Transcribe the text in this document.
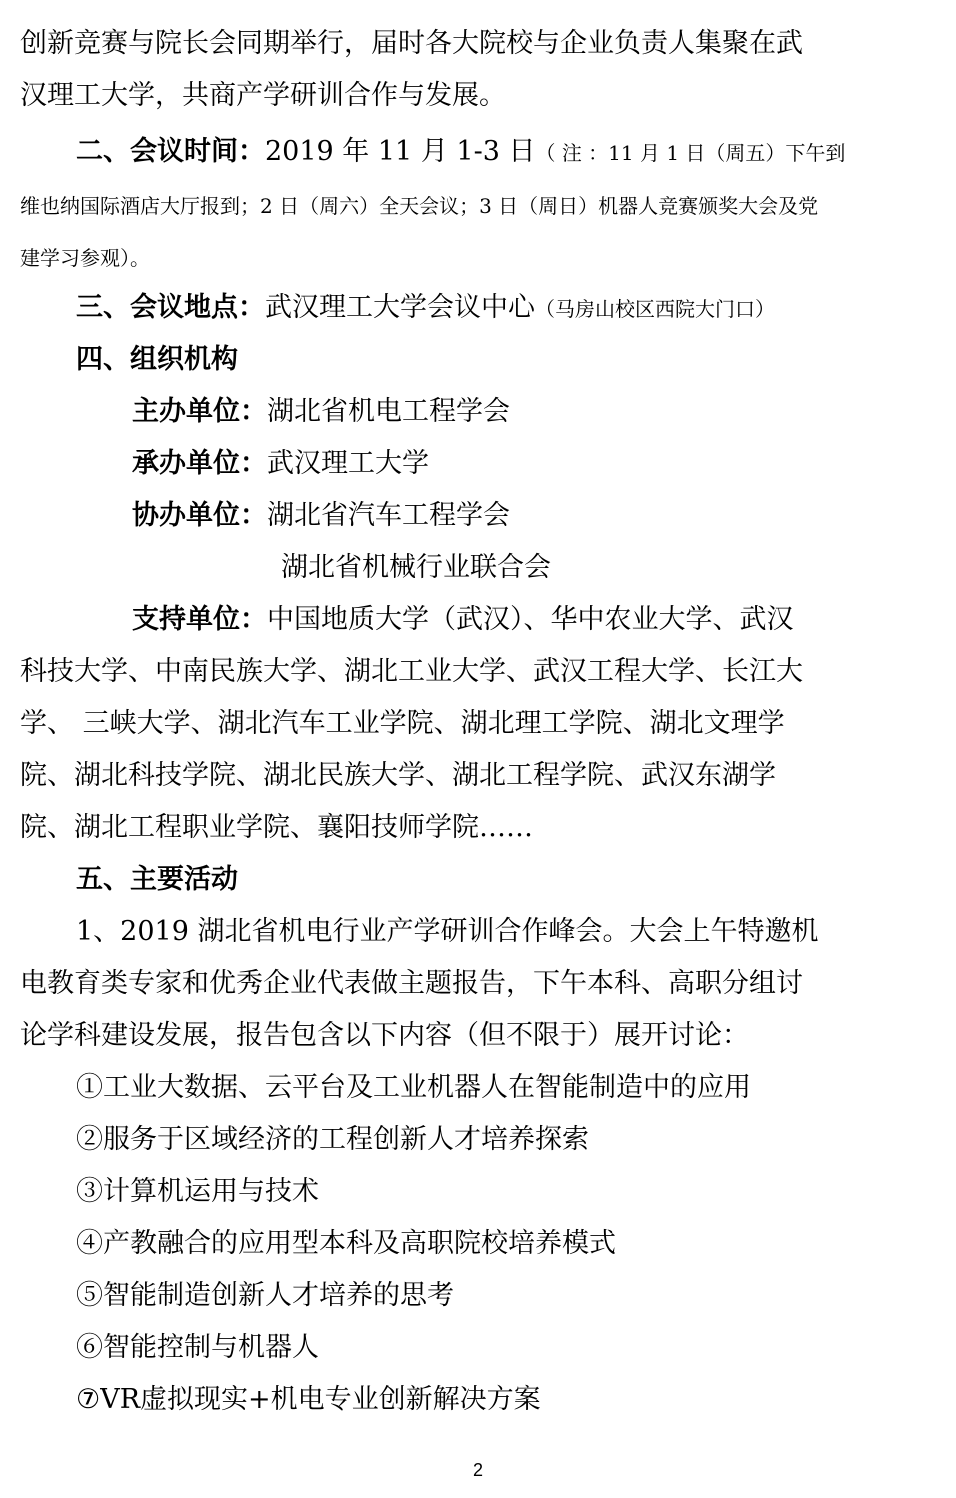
创新竞赛与院长会同期举行，届时各大院校与企业负责人集聚在武
汉理工大学，共商产学研训合作与发展。
二、会议时间：2019 年 11 月 1-3 日（ 注 ：11 月 1 日（周五）下午到
维也纳国际酒店大厅报到；2 日（周六）全天会议；3 日（周日）机器人竞赛颁奖大会及党
建学习参观）。
三、会议地点：武汉理工大学会议中心（马房山校区西院大门口）
四、组织机构
主办单位：湖北省机电工程学会
承办单位：武汉理工大学
协办单位：湖北省汽车工程学会
湖北省机械行业联合会
支持单位：中国地质大学（武汉）、华中农业大学、武汉
科技大学、中南民族大学、湖北工业大学、武汉工程大学、长江大
学、 三峡大学、湖北汽车工业学院、湖北理工学院、湖北文理学
院、湖北科技学院、湖北民族大学、湖北工程学院、武汉东湖学
院、湖北工程职业学院、襄阳技师学院……
五、主要活动
1、2019 湖北省机电行业产学研训合作峰会。大会上午特邀机
电教育类专家和优秀企业代表做主题报告，下午本科、高职分组讨
论学科建设发展，报告包含以下内容（但不限于）展开讨论：
①工业大数据、云平台及工业机器人在智能制造中的应用
②服务于区域经济的工程创新人才培养探索
③计算机运用与技术
④产教融合的应用型本科及高职院校培养模式
⑤智能制造创新人才培养的思考
⑥智能控制与机器人
⑦VR虚拟现实+机电专业创新解决方案
2
